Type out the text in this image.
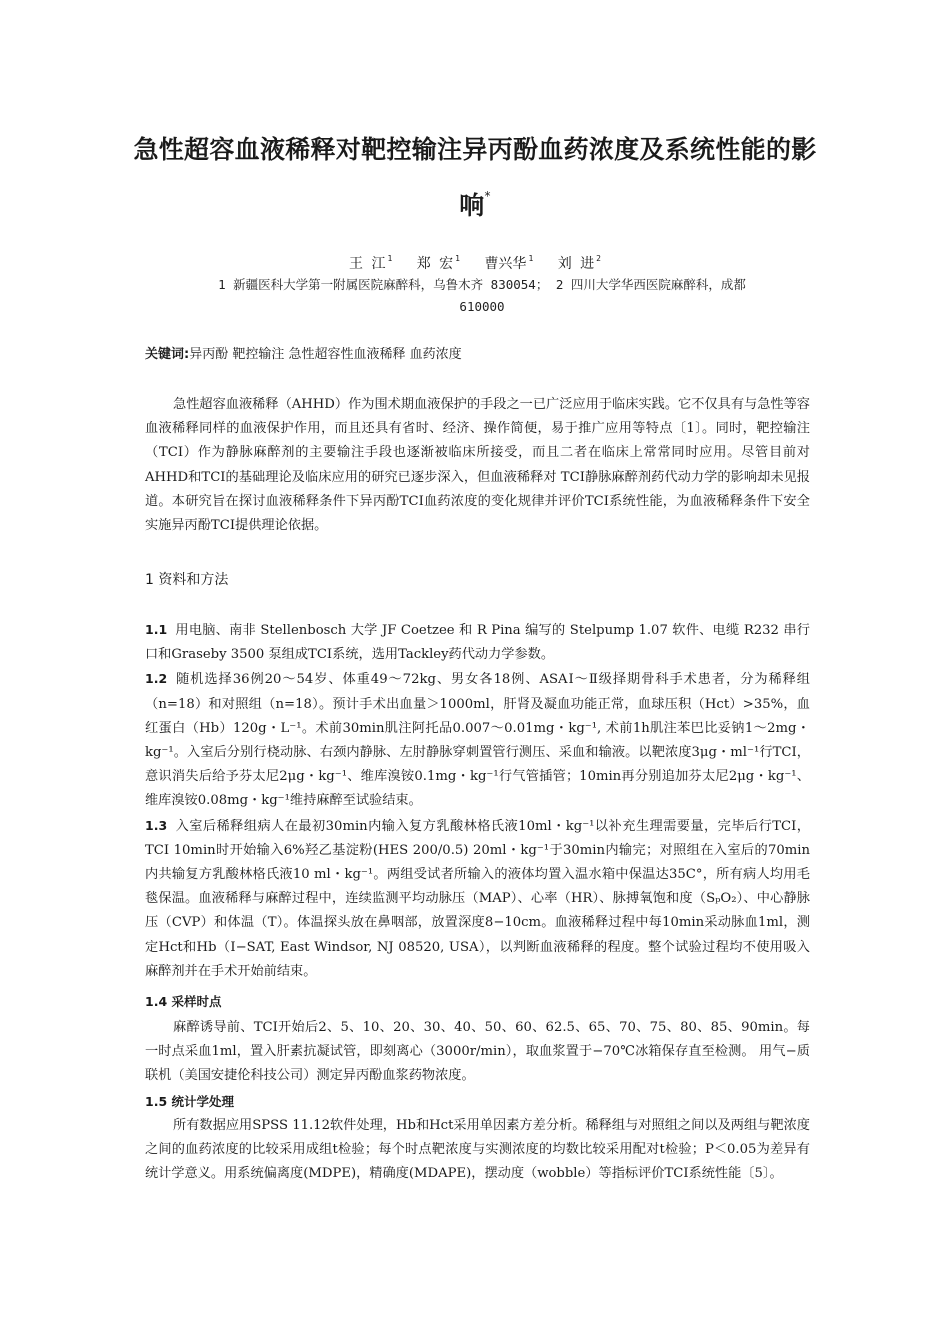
急性超容血液稀释对靶控输注异丙酚血药浓度及系统性能的影
响*
王 江 $^1$ 郑 宏 $^1$ 曹兴华 $^1$ 刘 进 $^2$
1 新疆医科大学第一附属医院麻醉科，乌鲁木齐 830054； 2 四川大学华西医院麻醉科，成都
610000
关键词:异丙酚 靶控输注 急性超容性血液稀释 血药浓度

急性超容血液稀释（AHHD）作为围术期血液保护的手段之一已广泛应用于临床实践。它不仅具有与急性等容血液稀释同样的血液保护作用，而且还具有省时、经济、操作简便，易于推广应用等特点〔1〕。同时，靶控输注（TCI）作为静脉麻醉剂的主要输注手段也逐渐被临床所接受，而且二者在临床上常常同时应用。尽管目前对AHHD和TCI的基础理论及临床应用的研究已逐步深入，但血液稀释对 TCI静脉麻醉剂药代动力学的影响却未见报道。本研究旨在探讨血液稀释条件下异丙酚TCI血药浓度的变化规律并评价TCI系统性能，为血液稀释条件下安全实施异丙酚TCI提供理论依据。

1 资料和方法

1.1 用电脑、南非 Stellenbosch 大学 JF Coetzee 和 R Pina 编写的 Stelpump 1.07 软件、电缆 R232 串行口和Graseby 3500 泵组成TCI系统，选用Tackley药代动力学参数。

1.2 随机选择36例20～54岁、体重49～72kg、男女各18例、ASAⅠ～Ⅱ级择期骨科手术患者，分为稀释组（n=18）和对照组（n=18）。预计手术出血量＞1000ml，肝肾及凝血功能正常，血球压积（Hct）>35%，血红蛋白（Hb）120g・L⁻¹。术前30min肌注阿托品0.007～0.01mg・kg⁻¹, 术前1h肌注苯巴比妥钠1～2mg・kg⁻¹。入室后分别行桡动脉、右颈内静脉、左肘静脉穿刺置管行测压、采血和输液。以靶浓度3μg・ml⁻¹行TCI，意识消失后给予芬太尼2μg・kg⁻¹、维库溴铵0.1mg・kg⁻¹行气管插管；10min再分别追加芬太尼2μg・kg⁻¹、维库溴铵0.08mg・kg⁻¹维持麻醉至试验结束。

1.3 入室后稀释组病人在最初30min内输入复方乳酸林格氏液10ml・kg⁻¹以补充生理需要量，完毕后行TCI，TCI 10min时开始输入6%羟乙基淀粉(HES 200/0.5) 20ml・kg⁻¹于30min内输完；对照组在入室后的70min内共输复方乳酸林格氏液10 ml・kg⁻¹。两组受试者所输入的液体均置入温水箱中保温达35C°，所有病人均用毛毯保温。血液稀释与麻醉过程中，连续监测平均动脉压（MAP）、心率（HR）、脉搏氧饱和度（SₚO₂）、中心静脉压（CVP）和体温（T）。体温探头放在鼻咽部，放置深度8−10cm。血液稀释过程中每10min采动脉血1ml，测定Hct和Hb（I−SAT, East Windsor, NJ 08520, USA），以判断血液稀释的程度。整个试验过程均不使用吸入麻醉剂并在手术开始前结束。

1.4 采样时点

麻醉诱导前、TCI开始后2、5、10、20、30、40、50、60、62.5、65、70、75、80、85、90min。每一时点采血1ml，置入肝素抗凝试管，即刻离心（3000r/min），取血浆置于−70℃冰箱保存直至检测。 用气−质联机（美国安捷伦科技公司）测定异丙酚血浆药物浓度。

1.5 统计学处理

所有数据应用SPSS 11.12软件处理，Hb和Hct采用单因素方差分析。稀释组与对照组之间以及两组与靶浓度之间的血药浓度的比较采用成组t检验；每个时点靶浓度与实测浓度的均数比较采用配对t检验；P＜0.05为差异有统计学意义。用系统偏离度(MDPE)，精确度(MDAPE)，摆动度（wobble）等指标评价TCI系统性能〔5〕。
